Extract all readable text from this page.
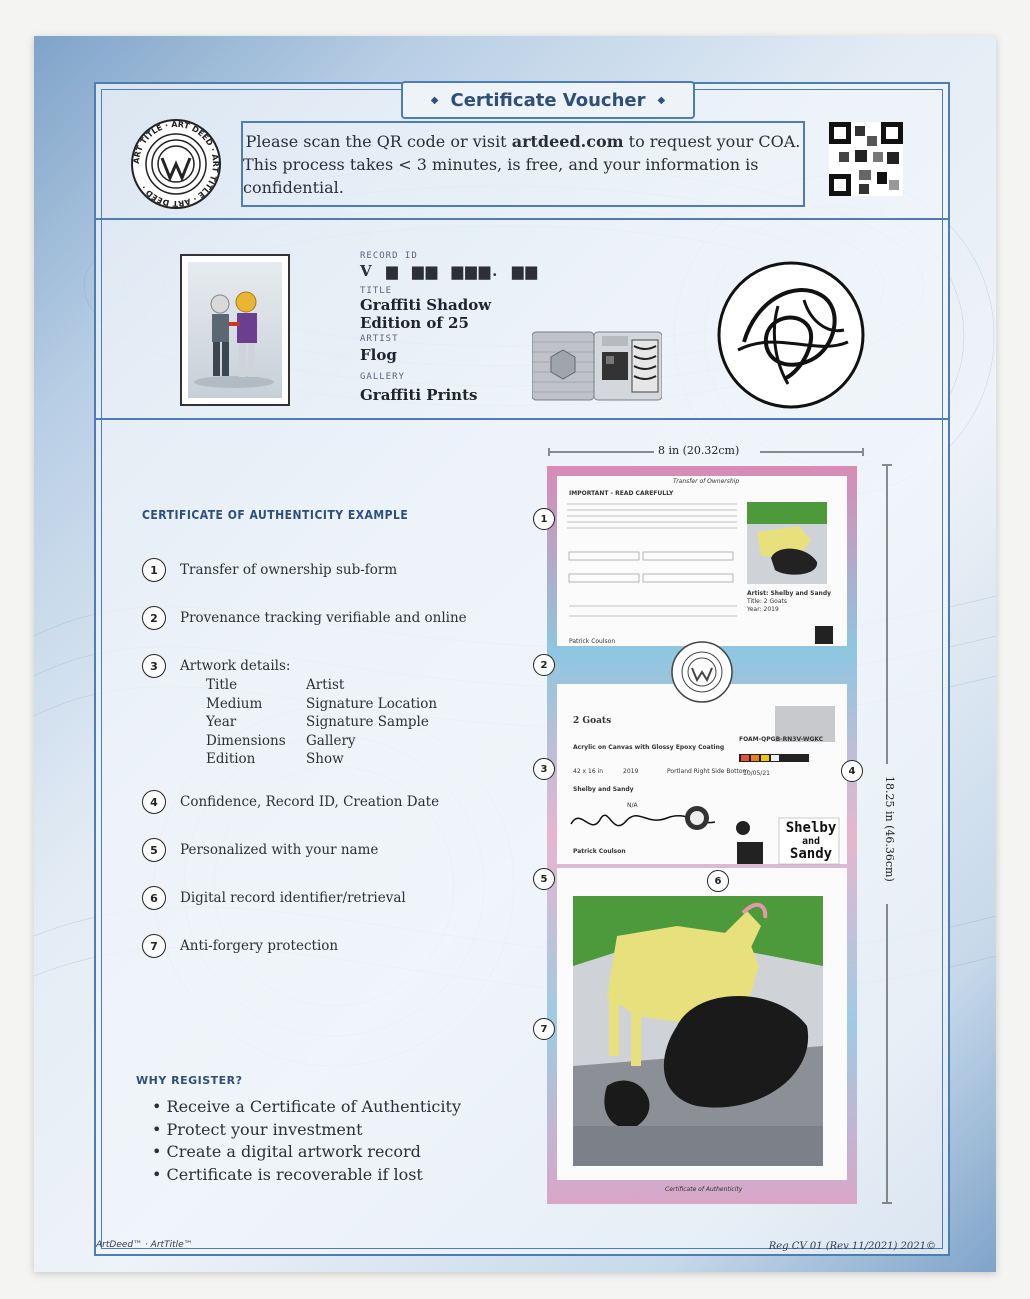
◆ Certificate Voucher ◆
ART TITLE · ART DEED · ART TITLE · ART DEED ·
Please scan the QR code or visit artdeed.com to request your COA.
This process takes < 3 minutes, is free, and your information is confidential.
RECORD ID
V ▆ ▆▆ ▆▆▆. ▆▆
TITLE
Graffiti Shadow
Edition of 25
ARTIST
Flog
GALLERY
Graffiti Prints
CERTIFICATE OF AUTHENTICITY EXAMPLE
1	Transfer of ownership sub-form
2	Provenance tracking verifiable and online
3	Artwork details:
Title	Artist
Medium	Signature Location
Year	Signature Sample
Dimensions	Gallery
Edition	Show
4	Confidence, Record ID, Creation Date
5	Personalized with your name
6	Digital record identifier/retrieval
7	Anti-forgery protection
WHY REGISTER?
• Receive a Certificate of Authenticity
• Protect your investment
• Create a digital artwork record
• Certificate is recoverable if lost
8 in (20.32cm)
18.25 in (46.36cm)
Transfer of Ownership
IMPORTANT - READ CAREFULLY
Artist: Shelby and Sandy
Title: 2 Goats
Year: 2019
Patrick Coulson
2 Goats
Acrylic on Canvas with Glossy Epoxy Coating
42 x 16 in	2019	Portland Right Side Bottom
Shelby and Sandy
N/A
FOAM-QPGB-RN3V-WGKC
10/05/21
Patrick Coulson
Shelby
and
Sandy
Certificate of Authenticity
1
2
3	4
5	6
7
ArtDeed™ · ArtTitle™	Reg CV 01 (Rev 11/2021) 2021©
